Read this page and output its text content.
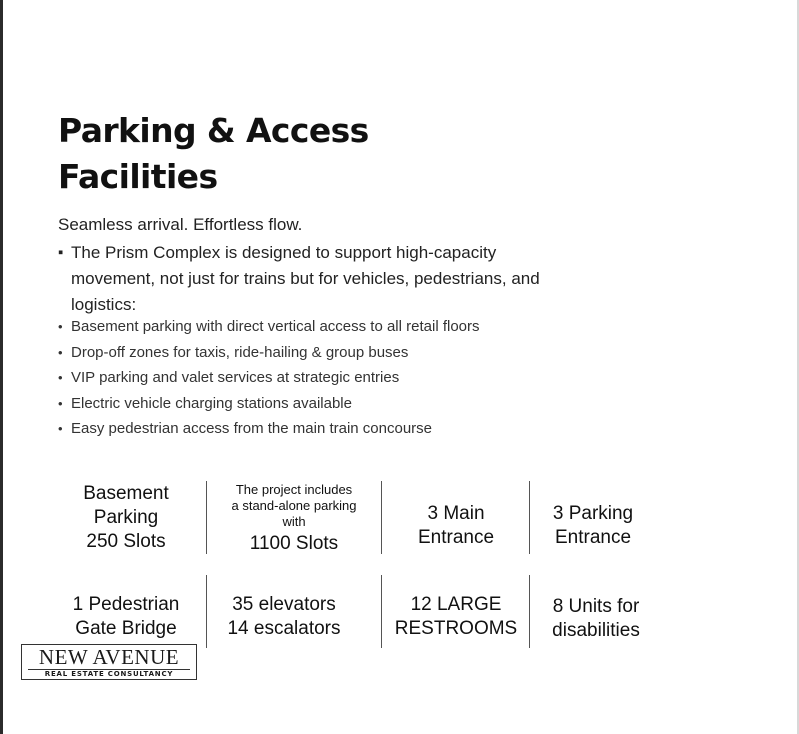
Parking & Access
Facilities
Seamless arrival. Effortless flow.
▪ The Prism Complex is designed to support high-capacity movement, not just for trains but for vehicles, pedestrians, and logistics:
• Basement parking with direct vertical access to all retail floors
• Drop-off zones for taxis, ride-hailing & group buses
• VIP parking and valet services at strategic entries
• Electric vehicle charging stations available
• Easy pedestrian access from the main train concourse
Basement
Parking
250 Slots
The project includes
a stand-alone parking
with
1100 Slots
3 Main
Entrance
3 Parking
Entrance
1 Pedestrian
Gate Bridge
35 elevators
14 escalators
12 LARGE
RESTROOMS
8 Units for
disabilities
NEW AVENUE
REAL ESTATE CONSULTANCY
